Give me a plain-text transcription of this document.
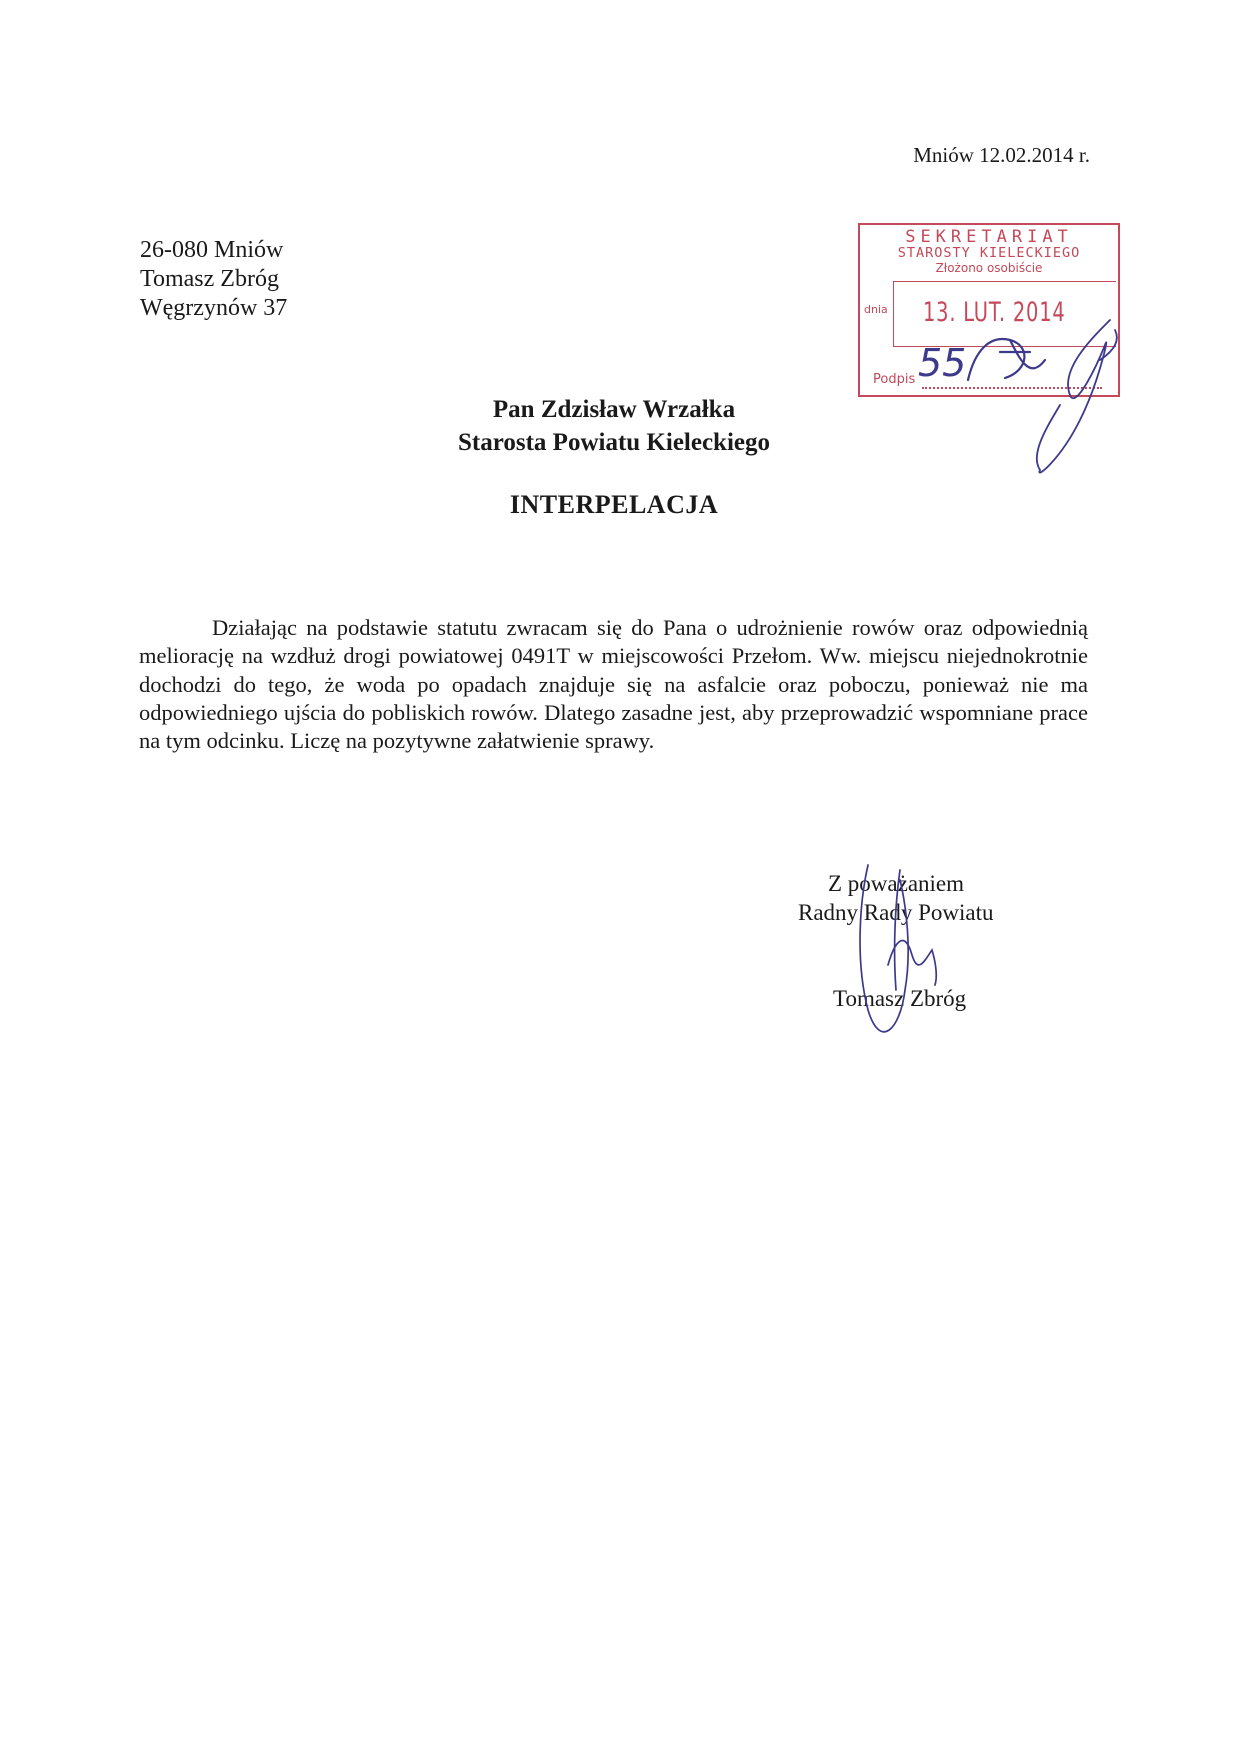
Mniów 12.02.2014 r.
26-080 Mniów
Tomasz Zbróg
Węgrzynów 37
SEKRETARIAT
STAROSTY KIELECKIEGO
Złożono osobiście
dnia 13. LUT. 2014
Podpis
Pan Zdzisław Wrzałka
Starosta Powiatu Kieleckiego
INTERPELACJA
Działając na podstawie statutu zwracam się do Pana o udrożnienie rowów oraz odpowiednią meliorację na wzdłuż drogi powiatowej 0491T w miejscowości Przełom. Ww. miejscu niejednokrotnie dochodzi do tego, że woda po opadach znajduje się na asfalcie oraz poboczu, ponieważ nie ma odpowiedniego ujścia do pobliskich rowów. Dlatego zasadne jest, aby przeprowadzić wspomniane prace na tym odcinku. Liczę na pozytywne załatwienie sprawy.
Z poważaniem
Radny Rady Powiatu
Tomasz Zbróg
55
